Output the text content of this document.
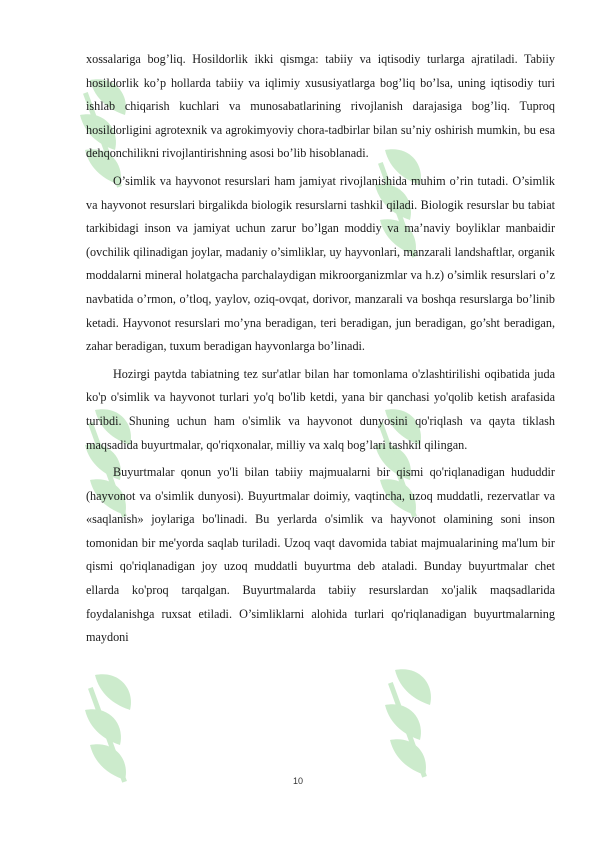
xossalariga bog’liq. Hosildorlik ikki qismga: tabiiy va iqtisodiy turlarga ajratiladi. Tabiiy hosildorlik ko’p hollarda tabiiy va iqlimiy xususiyatlarga bog’liq bo’lsa, uning iqtisodiy turi ishlab chiqarish kuchlari va munosabatlarining rivojlanish darajasiga bog’liq. Tuproq hosildorligini agrotexnik va agrokimyoviy chora-tadbirlar bilan su’niy oshirish mumkin, bu esa dehqonchilikni rivojlantirishning asosi bo’lib hisoblanadi.

O’simlik va hayvonot resurslari ham jamiyat rivojlanishida muhim o’rin tutadi. O’simlik va hayvonot resurslari birgalikda biologik resurslarni tashkil qiladi. Biologik resurslar bu tabiat tarkibidagi inson va jamiyat uchun zarur bo’lgan moddiy va ma’naviy boyliklar manbaidir (ovchilik qilinadigan joylar, madaniy o’simliklar, uy hayvonlari, manzarali landshaftlar, organik moddalarni mineral holatgacha parchalaydigan mikroorganizmlar va h.z) o’simlik resurslari o’z navbatida o’rmon, o’tloq, yaylov, oziq-ovqat, dorivor, manzarali va boshqa resurslarga bo’linib ketadi. Hayvonot resurslari mo’yna beradigan, teri beradigan, jun beradigan, go’sht beradigan, zahar beradigan, tuxum beradigan hayvonlarga bo’linadi.

Hozirgi paytda tabiatning tez sur'atlar bilan har tomonlama o'zlashtirilishi oqibatida juda ko'p o'simlik va hayvonot turlari yo'q bo'lib ketdi, yana bir qanchasi yo'qolib ketish arafasida turibdi. Shuning uchun ham o'simlik va hayvonot dunyosini qo'riqlash va qayta tiklash maqsadida buyurtmalar, qo'riqxonalar, milliy va xalq bog’lari tashkil qilingan.

Buyurtmalar qonun yo'li bilan tabiiy majmualarni bir qismi qo'riqlanadigan hududdir (hayvonot va o'simlik dunyosi). Buyurtmalar doimiy, vaqtincha, uzoq muddatli, rezervatlar va «saqlanish» joylariga bo'linadi. Bu yerlarda o'simlik va hayvonot olamining soni inson tomonidan bir me'yorda saqlab turiladi. Uzoq vaqt davomida tabiat majmualarining ma'lum bir qismi qo'riqlanadigan joy uzoq muddatli buyurtma deb ataladi. Bunday buyurtmalar chet ellarda ko'proq tarqalgan. Buyurtmalarda tabiiy resurslardan xo'jalik maqsadlarida foydalanishga ruxsat etiladi. O’simliklarni alohida turlari qo'riqlanadigan buyurtmalarning maydoni

10
